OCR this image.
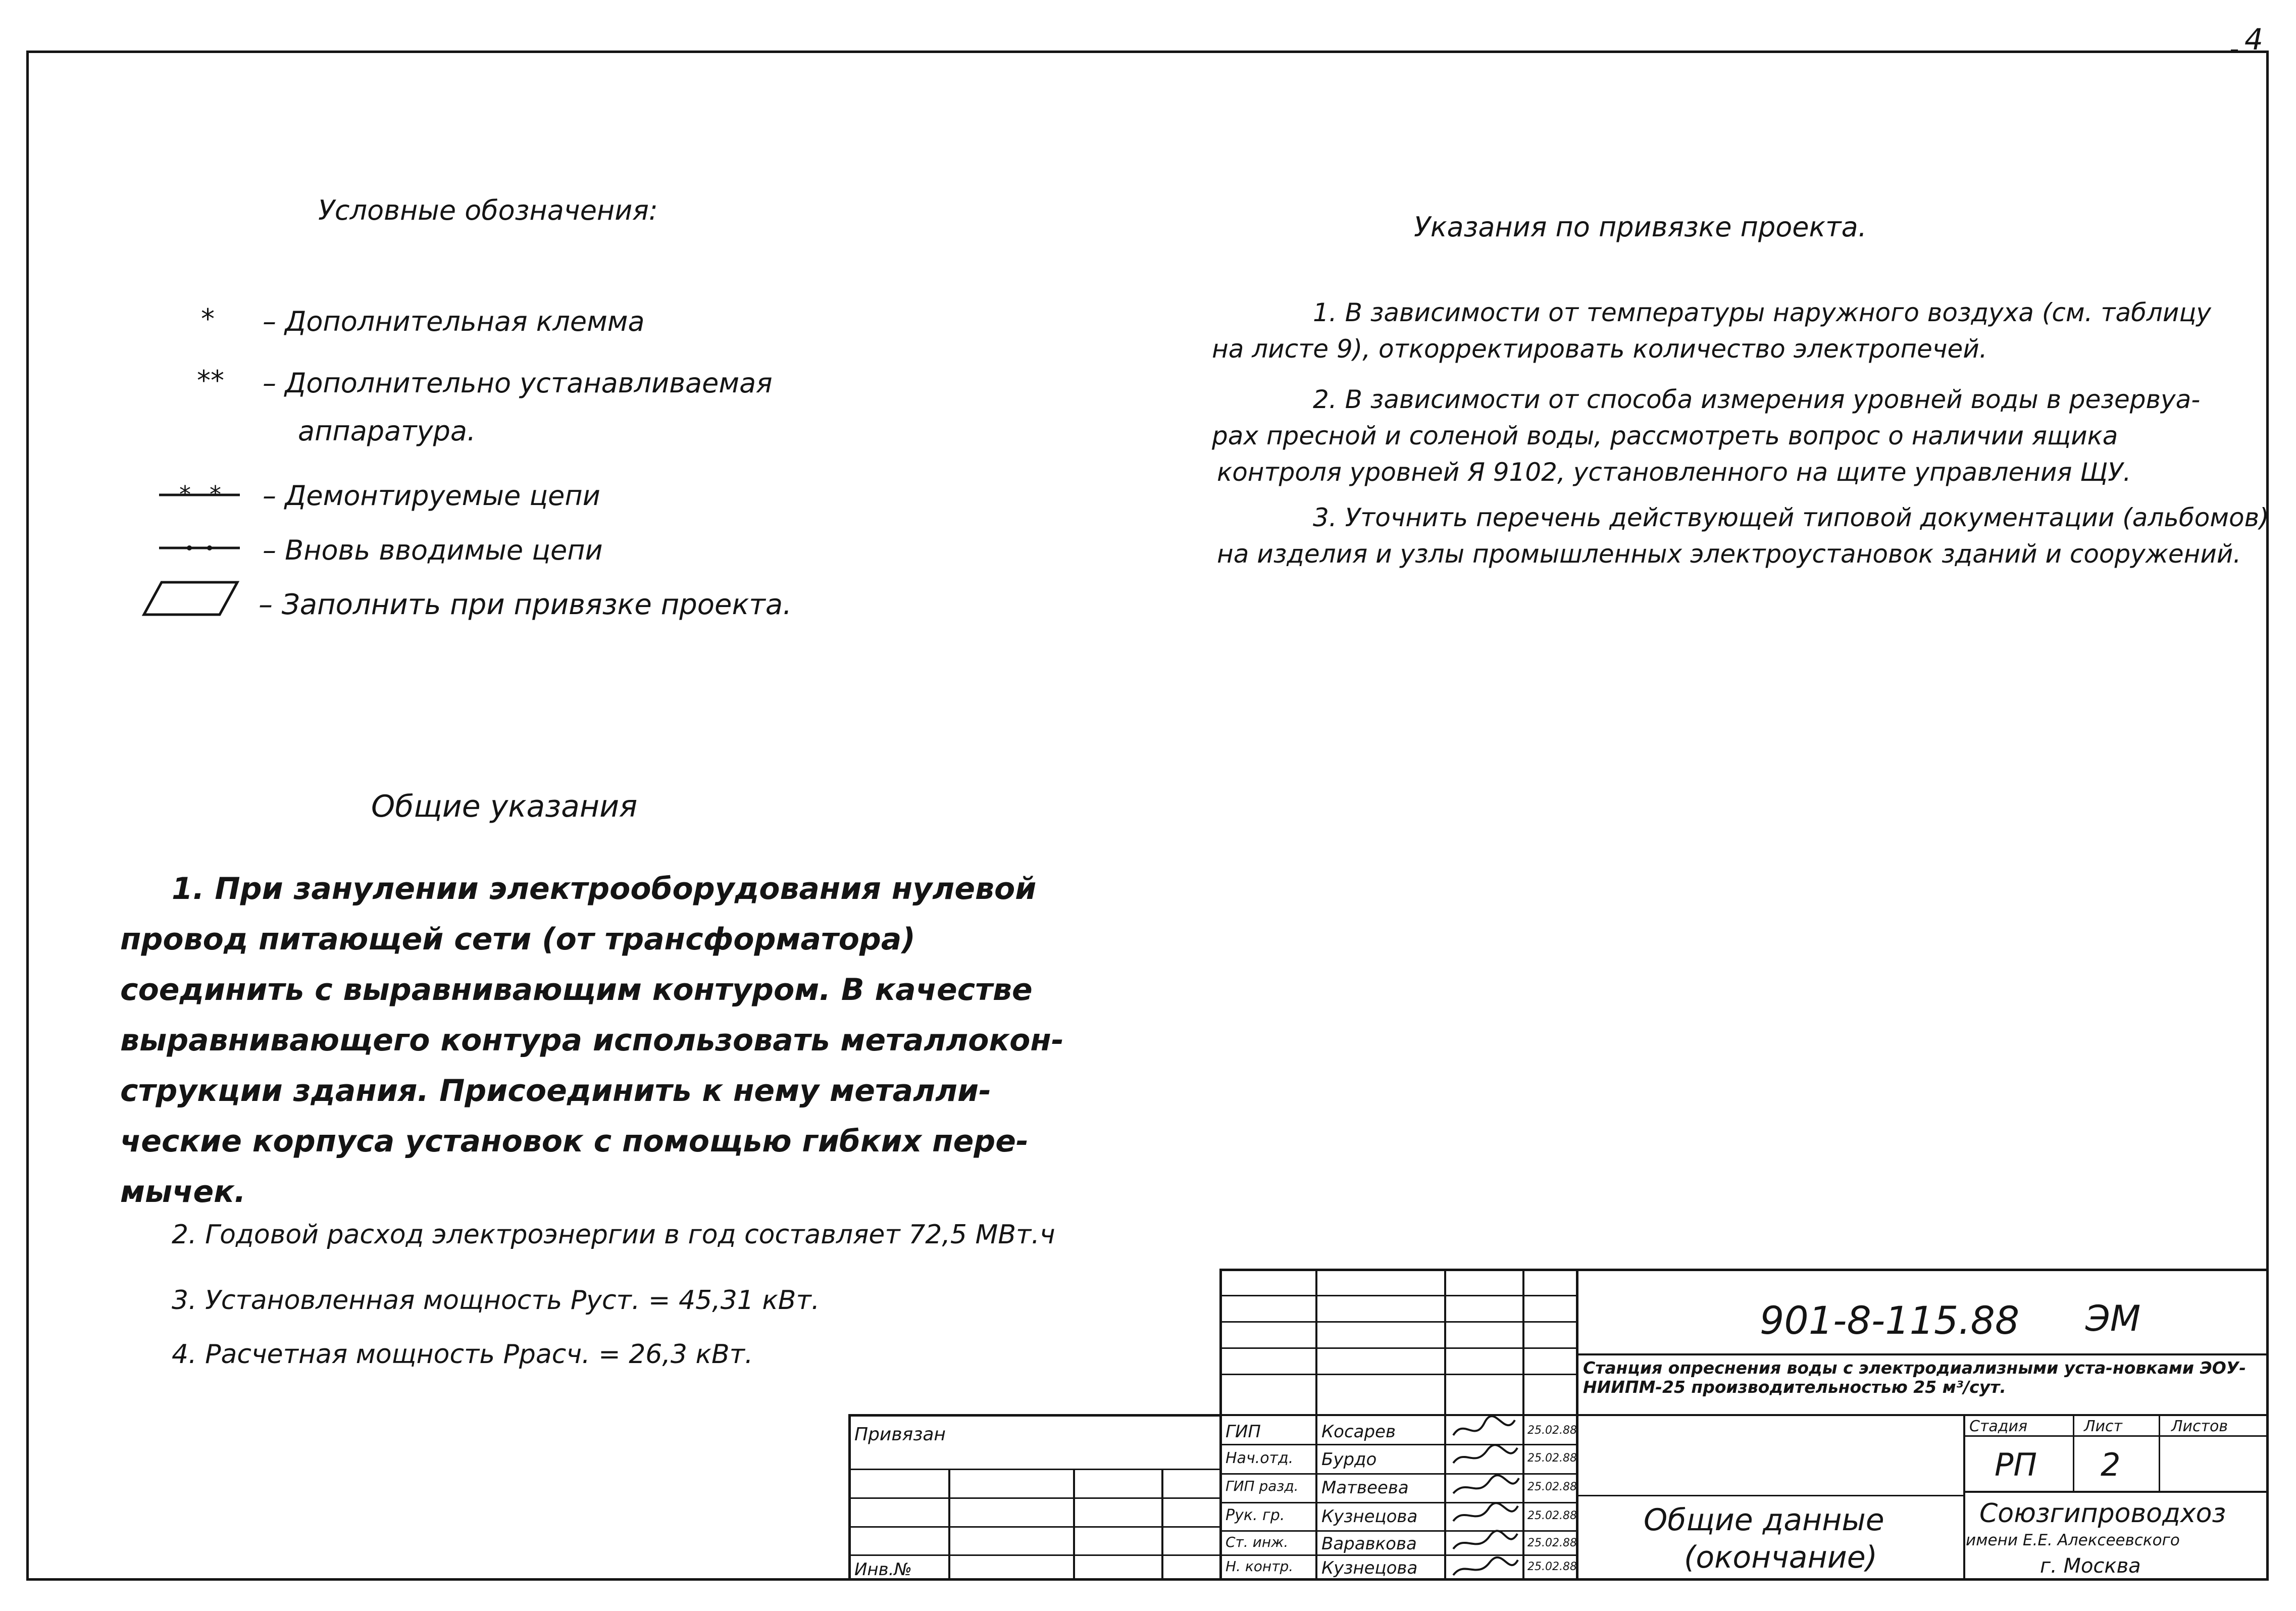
4
Условные обозначения:
* – Дополнительная клемма
** – Дополнительно устанавливаемая
аппаратура.
* * – Демонтируемые цепи
– Вновь вводимые цепи
– Заполнить при привязке проекта.
Указания по привязке проекта.
1. В зависимости от температуры наружного воздуха (см. таблицу
на листе 9), откорректировать количество электропечей.
2. В зависимости от способа измерения уровней воды в резервуа-
рах пресной и соленой воды, рассмотреть вопрос о наличии ящика
контроля уровней Я 9102, установленного на щите управления ЩУ.
3. Уточнить перечень действующей типовой документации (альбомов)
на изделия и узлы промышленных электроустановок зданий и сооружений.
Общие указания
1. При занулении электрооборудования нулевой
провод питающей сети (от трансформатора)
соединить с выравнивающим контуром. В качестве
выравнивающего контура использовать металлокон-
струкции здания. Присоединить к нему металли-
ческие корпуса установок с помощью гибких пере-
мычек.
2. Годовой расход электроэнергии в год составляет 72,5 МВт.ч
3. Установленная мощность Руст. = 45,31 кВт.
4. Расчетная мощность Ррасч. = 26,3 кВт.
ГИП
Нач.отд.
ГИП разд.
Рук. гр.
Ст. инж.
Н. контр.
Косарев
Бурдо
Матвеева
Кузнецова
Варавкова
Кузнецова
25.02.88
25.02.88
25.02.88
25.02.88
25.02.88
25.02.88
901-8-115.88 ЭМ
Станция опреснения воды с электродиализными уста-новками ЭОУ-НИИПМ-25 производительностью 25 м³/сут.
Общие данные
(окончание)
Стадия	Лист	Листов
РП 2
Союзгипроводхоз
имени Е.Е. Алексеевского
г. Москва
Привязан
Инв.№
